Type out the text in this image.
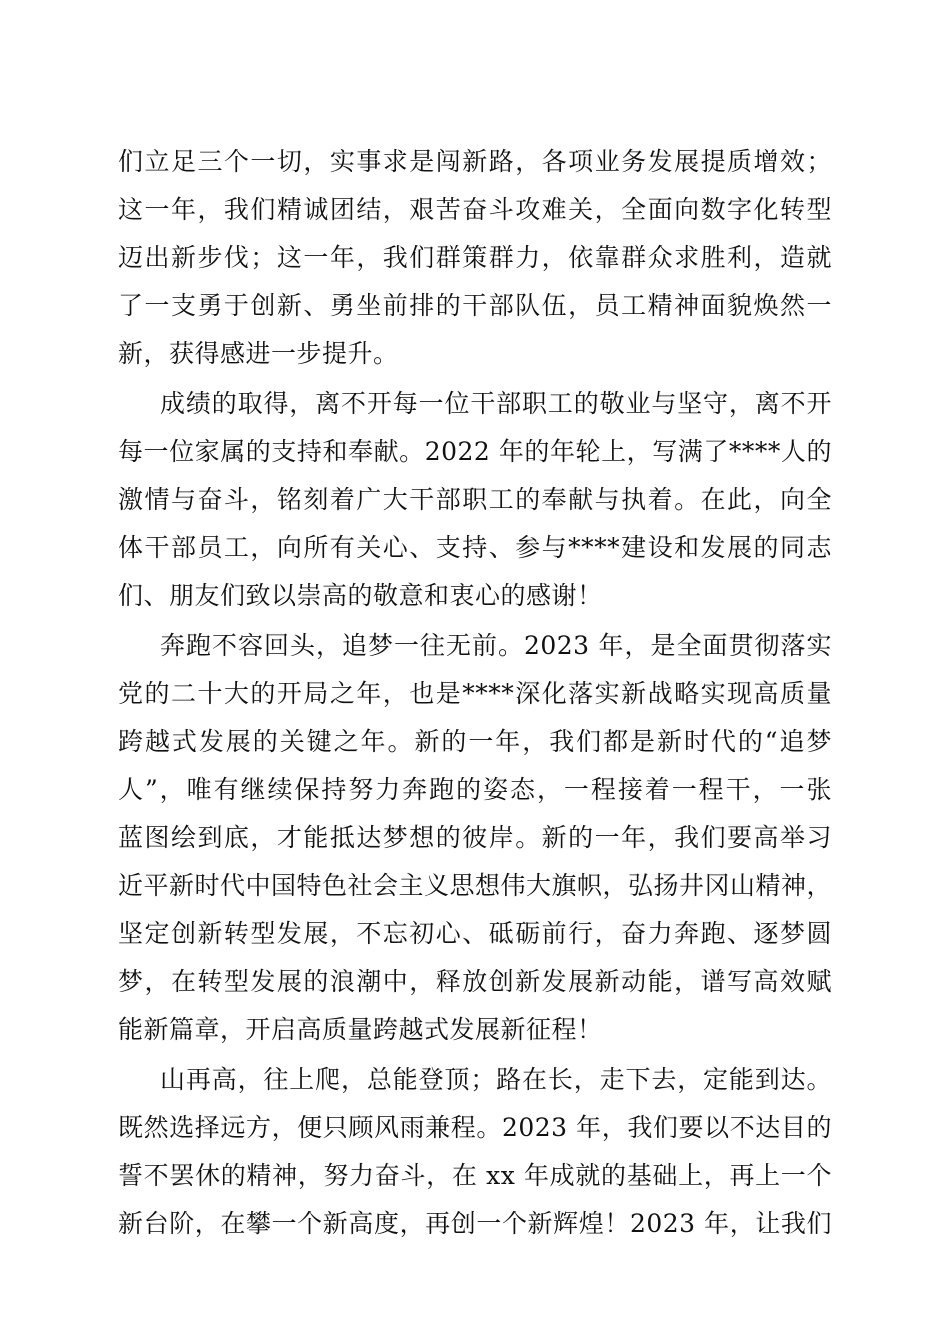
们立足三个一切，实事求是闯新路，各项业务发展提质增效；
这一年，我们精诚团结，艰苦奋斗攻难关，全面向数字化转型
迈出新步伐；这一年，我们群策群力，依靠群众求胜利，造就
了一支勇于创新、勇坐前排的干部队伍，员工精神面貌焕然一
新，获得感进一步提升。
成绩的取得，离不开每一位干部职工的敬业与坚守，离不开
每一位家属的支持和奉献。2022 年的年轮上，写满了****人的
激情与奋斗，铭刻着广大干部职工的奉献与执着。在此，向全
体干部员工，向所有关心、支持、参与****建设和发展的同志
们、朋友们致以崇高的敬意和衷心的感谢！
奔跑不容回头，追梦一往无前。2023 年，是全面贯彻落实
党的二十大的开局之年，也是****深化落实新战略实现高质量
跨越式发展的关键之年。新的一年，我们都是新时代的“追梦
人”，唯有继续保持努力奔跑的姿态，一程接着一程干，一张
蓝图绘到底，才能抵达梦想的彼岸。新的一年，我们要高举习
近平新时代中国特色社会主义思想伟大旗帜，弘扬井冈山精神，
坚定创新转型发展，不忘初心、砥砺前行，奋力奔跑、逐梦圆
梦，在转型发展的浪潮中，释放创新发展新动能，谱写高效赋
能新篇章，开启高质量跨越式发展新征程！
山再高，往上爬，总能登顶；路在长，走下去，定能到达。
既然选择远方，便只顾风雨兼程。2023 年，我们要以不达目的
誓不罢休的精神，努力奋斗，在 xx 年成就的基础上，再上一个
新台阶，在攀一个新高度，再创一个新辉煌！2023 年，让我们
